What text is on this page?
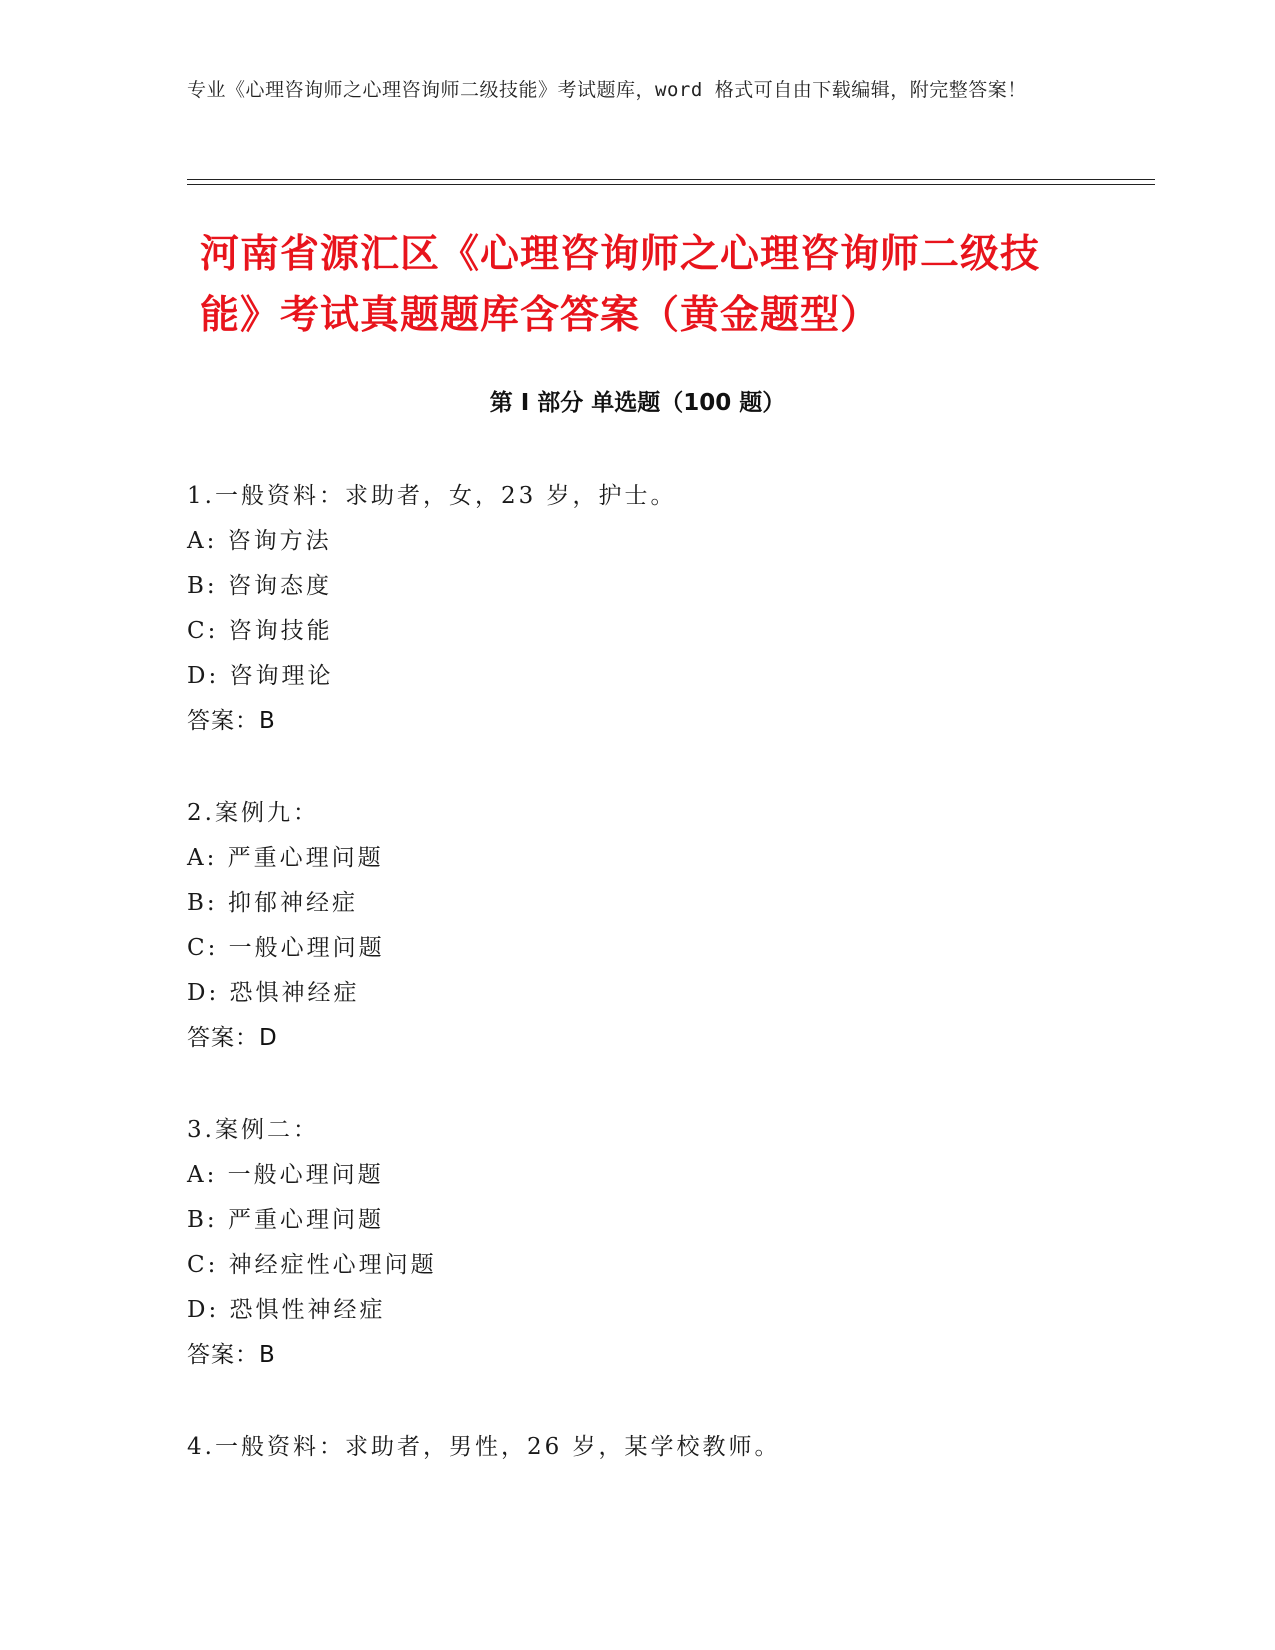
专业《心理咨询师之心理咨询师二级技能》考试题库，word 格式可自由下载编辑，附完整答案！
河南省源汇区《心理咨询师之心理咨询师二级技能》考试真题题库含答案（黄金题型）
第 I 部分 单选题（100 题）
1.一般资料：求助者，女，23 岁，护士。
A: 咨询方法
B: 咨询态度
C: 咨询技能
D: 咨询理论
答案：B
2.案例九：
A: 严重心理问题
B: 抑郁神经症
C: 一般心理问题
D: 恐惧神经症
答案：D
3.案例二：
A: 一般心理问题
B: 严重心理问题
C: 神经症性心理问题
D: 恐惧性神经症
答案：B
4.一般资料：求助者，男性，26 岁，某学校教师。
